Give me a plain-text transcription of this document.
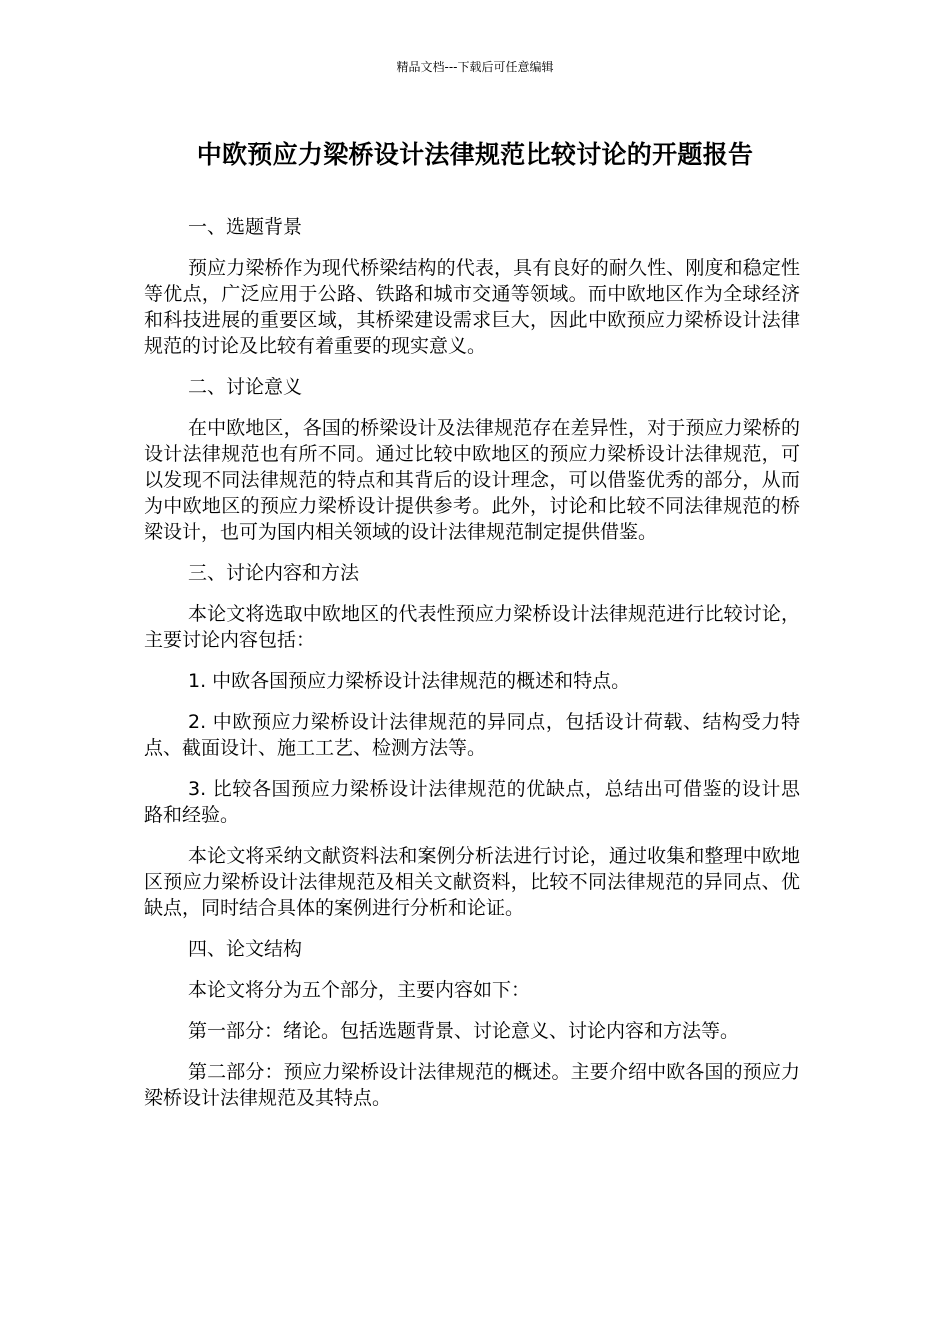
精品文档---下载后可任意编辑
中欧预应力梁桥设计法律规范比较讨论的开题报告

一、选题背景

预应力梁桥作为现代桥梁结构的代表，具有良好的耐久性、刚度和稳定性等优点，广泛应用于公路、铁路和城市交通等领域。而中欧地区作为全球经济和科技进展的重要区域，其桥梁建设需求巨大，因此中欧预应力梁桥设计法律规范的讨论及比较有着重要的现实意义。

二、讨论意义

在中欧地区，各国的桥梁设计及法律规范存在差异性，对于预应力梁桥的设计法律规范也有所不同。通过比较中欧地区的预应力梁桥设计法律规范，可以发现不同法律规范的特点和其背后的设计理念，可以借鉴优秀的部分，从而为中欧地区的预应力梁桥设计提供参考。此外，讨论和比较不同法律规范的桥梁设计，也可为国内相关领域的设计法律规范制定提供借鉴。

三、讨论内容和方法

本论文将选取中欧地区的代表性预应力梁桥设计法律规范进行比较讨论，主要讨论内容包括：

1. 中欧各国预应力梁桥设计法律规范的概述和特点。

2. 中欧预应力梁桥设计法律规范的异同点，包括设计荷载、结构受力特点、截面设计、施工工艺、检测方法等。

3. 比较各国预应力梁桥设计法律规范的优缺点，总结出可借鉴的设计思路和经验。

本论文将采纳文献资料法和案例分析法进行讨论，通过收集和整理中欧地区预应力梁桥设计法律规范及相关文献资料，比较不同法律规范的异同点、优缺点，同时结合具体的案例进行分析和论证。

四、论文结构

本论文将分为五个部分，主要内容如下：

第一部分：绪论。包括选题背景、讨论意义、讨论内容和方法等。

第二部分：预应力梁桥设计法律规范的概述。主要介绍中欧各国的预应力梁桥设计法律规范及其特点。
